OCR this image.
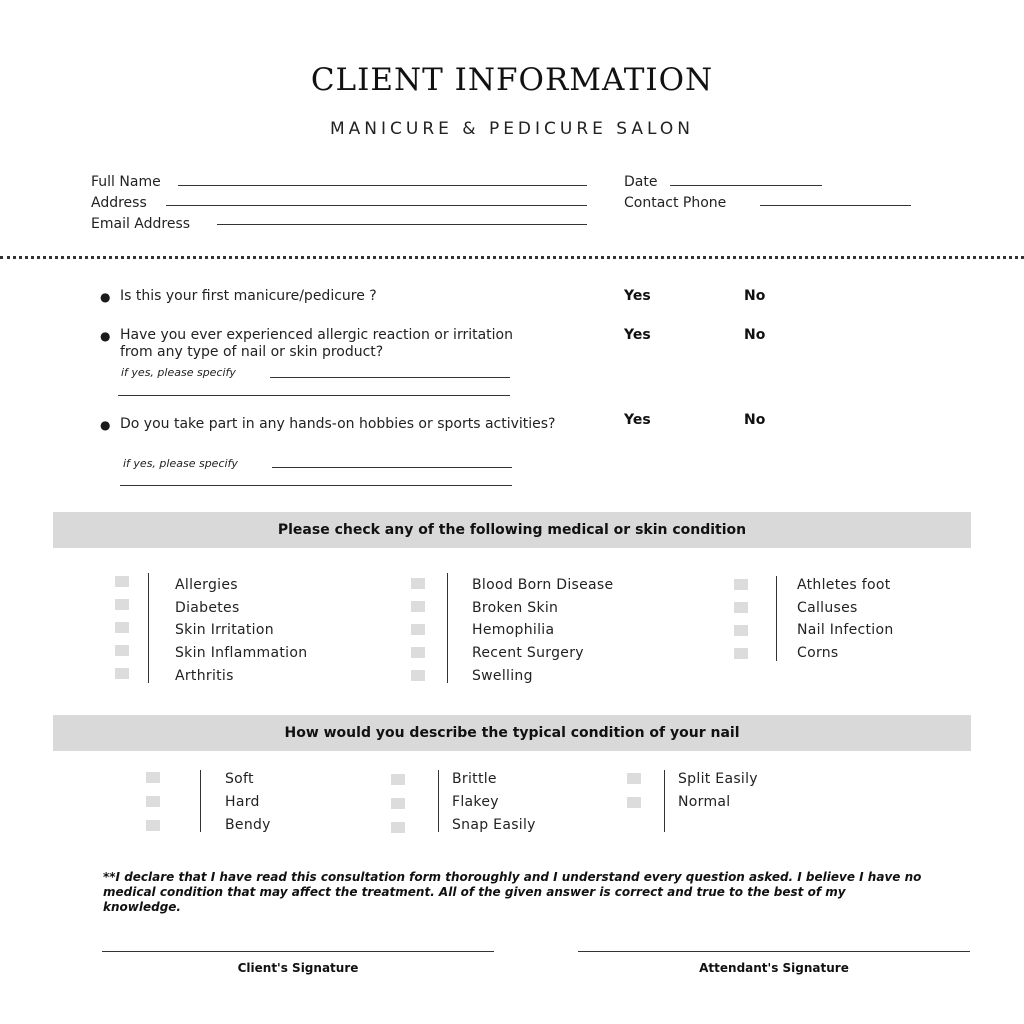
CLIENT INFORMATION
MANICURE & PEDICURE SALON
Full Name
Address
Email Address
Date
Contact Phone
● Is this your first manicure/pedicure ?	Yes	No
● Have you ever experienced allergic reaction or irritation from any type of nail or skin product?
Yes	No
if yes, please specify
● Do you take part in any hands-on hobbies or sports activities?	Yes	No
if yes, please specify
Please check any of the following medical or skin condition
Allergies
Diabetes
Skin Irritation
Skin Inflammation
Arthritis
Blood Born Disease
Broken Skin
Hemophilia
Recent Surgery
Swelling
Athletes foot
Calluses
Nail Infection
Corns
How would you describe the typical condition of your nail
Soft
Hard
Bendy
Brittle
Flakey
Snap Easily
Split Easily
Normal
**I declare that I have read this consultation form thoroughly and I understand every question asked. I believe I have no medical condition that may affect the treatment. All of the given answer is correct and true to the best of my knowledge.
Client's Signature	Attendant's Signature
